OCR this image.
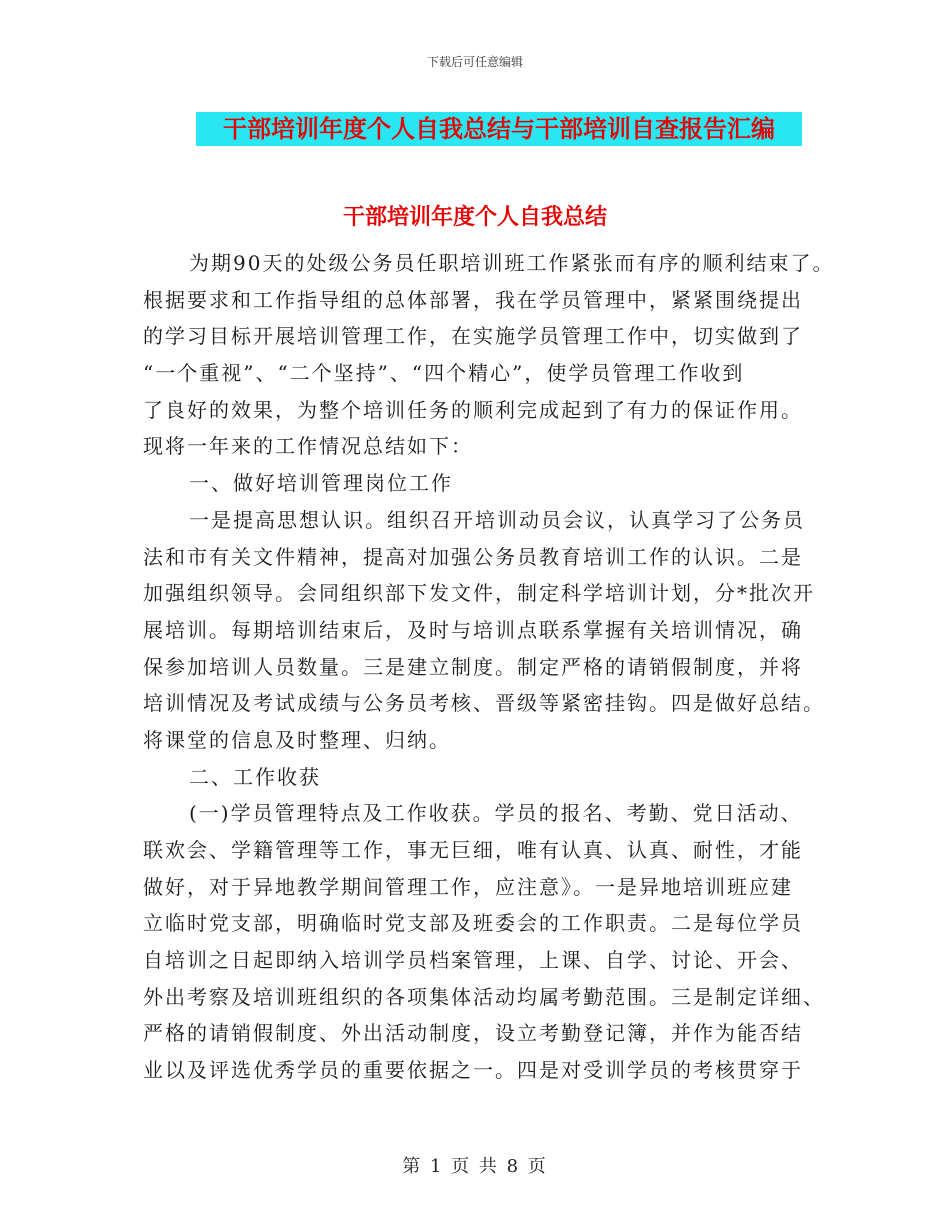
下载后可任意编辑
干部培训年度个人自我总结与干部培训自查报告汇编
干部培训年度个人自我总结
为期90天的处级公务员任职培训班工作紧张而有序的顺利结束了。
根据要求和工作指导组的总体部署，我在学员管理中，紧紧围绕提出
的学习目标开展培训管理工作，在实施学员管理工作中，切实做到了
“一个重视”、“二个坚持”、“四个精心”，使学员管理工作收到
了良好的效果，为整个培训任务的顺利完成起到了有力的保证作用。
现将一年来的工作情况总结如下：
一、做好培训管理岗位工作
一是提高思想认识。组织召开培训动员会议，认真学习了公务员
法和市有关文件精神，提高对加强公务员教育培训工作的认识。二是
加强组织领导。会同组织部下发文件，制定科学培训计划，分*批次开
展培训。每期培训结束后，及时与培训点联系掌握有关培训情况，确
保参加培训人员数量。三是建立制度。制定严格的请销假制度，并将
培训情况及考试成绩与公务员考核、晋级等紧密挂钩。四是做好总结。
将课堂的信息及时整理、归纳。
二、工作收获
(一)学员管理特点及工作收获。学员的报名、考勤、党日活动、
联欢会、学籍管理等工作，事无巨细，唯有认真、认真、耐性，才能
做好，对于异地教学期间管理工作，应注意》。一是异地培训班应建
立临时党支部，明确临时党支部及班委会的工作职责。二是每位学员
自培训之日起即纳入培训学员档案管理，上课、自学、讨论、开会、
外出考察及培训班组织的各项集体活动均属考勤范围。三是制定详细、
严格的请销假制度、外出活动制度，设立考勤登记簿，并作为能否结
业以及评选优秀学员的重要依据之一。四是对受训学员的考核贯穿于
第 1 页 共 8 页
